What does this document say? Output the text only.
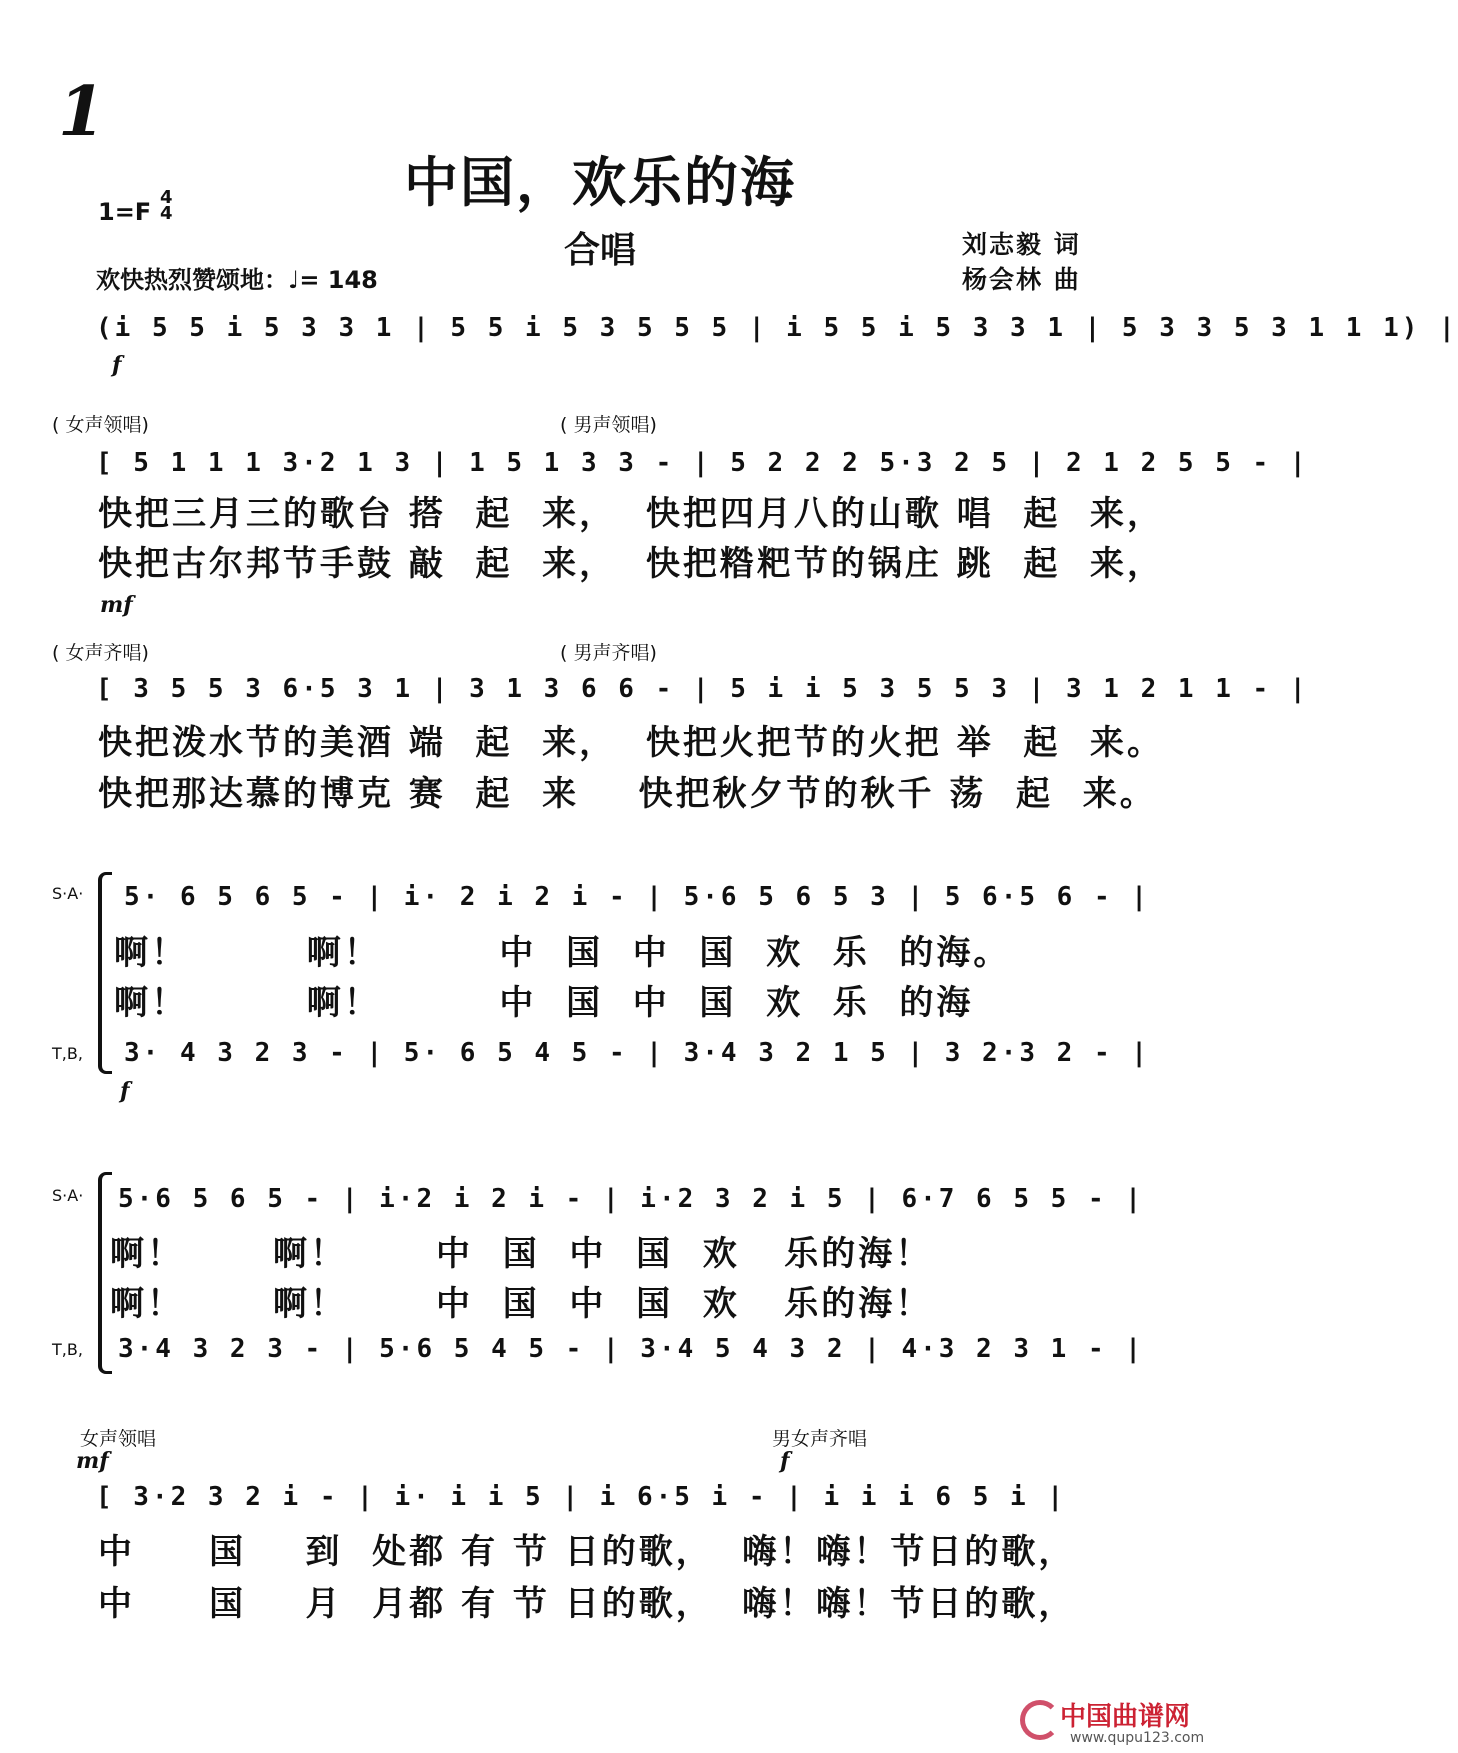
1
中国，欢乐的海
合唱
1=F
4
4
欢快热烈赞颂地：♩= 148
刘志毅 词
杨会林 曲
(i 5 5 i 5 3 3 1 | 5 5 i 5 3 5 5 5 | i 5 5 i 5 3 3 1 | 5 3 3 5 3 1 1 1) |
f
( 女声领唱)	( 男声领唱)
[ 5 1 1 1 3·2 1 3 | 1 5 1 3 3 - | 5 2 2 2 5·3 2 5 | 2 1 2 5 5 - |
快把三月三的歌台 搭  起  来，  快把四月八的山歌 唱  起  来，
快把古尔邦节手鼓 敲  起  来，  快把糌粑节的锅庄 跳  起  来，
mf
( 女声齐唱)	( 男声齐唱)
[ 3 5 5 3 6·5 3 1 | 3 1 3 6 6 - | 5 i i 5 3 5 5 3 | 3 1 2 1 1 - |
快把泼水节的美酒 端  起  来，  快把火把节的火把 举  起  来。
快把那达慕的博克 赛  起  来    快把秋夕节的秋千 荡  起  来。
S·A· 5· 6 5 6 5 - | i· 2 i 2 i - | 5·6 5 6 5 3 | 5 6·5 6 - |
啊！        啊！        中  国  中  国  欢  乐  的海。
啊！        啊！        中  国  中  国  欢  乐  的海
T,B, 3· 4 3 2 3 - | 5· 6 5 4 5 - | 3·4 3 2 1 5 | 3 2·3 2 - |
f
S·A· 5·6 5 6 5 - | i·2 i 2 i - | i·2 3 2 i 5 | 6·7 6 5 5 - |
啊！      啊！      中  国  中  国  欢   乐的海！
啊！      啊！      中  国  中  国  欢   乐的海！
T,B, 3·4 3 2 3 - | 5·6 5 4 5 - | 3·4 5 4 3 2 | 4·3 2 3 1 - |
女声领唱	男女声齐唱
mf	f
[ 3·2 3 2 i - | i· i i 5 | i 6·5 i - | i i i 6 5 i |
中     国    到  处都 有 节 日的歌，  嗨！嗨！节日的歌，
中     国    月  月都 有 节 日的歌，  嗨！嗨！节日的歌，
中国曲谱网
www.qupu123.com
